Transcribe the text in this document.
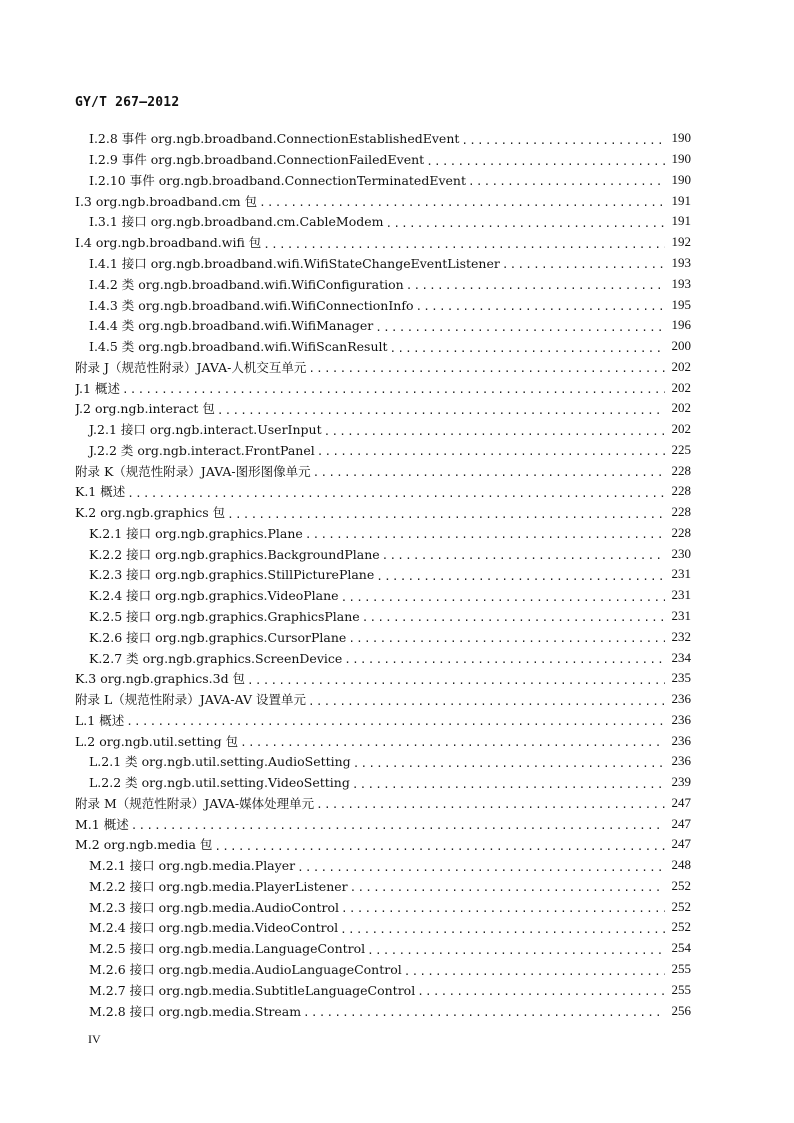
GY/T 267—2012
I.2.8 事件 org.ngb.broadband.ConnectionEstablishedEvent .....	190
I.2.9 事件 org.ngb.broadband.ConnectionFailedEvent .....	190
I.2.10 事件 org.ngb.broadband.ConnectionTerminatedEvent .....	190
I.3 org.ngb.broadband.cm 包 .....	191
I.3.1 接口 org.ngb.broadband.cm.CableModem .....	191
I.4 org.ngb.broadband.wifi 包 .....	192
I.4.1 接口 org.ngb.broadband.wifi.WifiStateChangeEventListener .....	193
I.4.2 类 org.ngb.broadband.wifi.WifiConfiguration .....	193
I.4.3 类 org.ngb.broadband.wifi.WifiConnectionInfo .....	195
I.4.4 类 org.ngb.broadband.wifi.WifiManager .....	196
I.4.5 类 org.ngb.broadband.wifi.WifiScanResult .....	200
附录 J（规范性附录）JAVA-人机交互单元 .....	202
J.1 概述 .....	202
J.2 org.ngb.interact 包 .....	202
J.2.1 接口 org.ngb.interact.UserInput .....	202
J.2.2 类 org.ngb.interact.FrontPanel .....	225
附录 K（规范性附录）JAVA-图形图像单元 .....	228
K.1 概述 .....	228
K.2 org.ngb.graphics 包 .....	228
K.2.1 接口 org.ngb.graphics.Plane .....	228
K.2.2 接口 org.ngb.graphics.BackgroundPlane .....	230
K.2.3 接口 org.ngb.graphics.StillPicturePlane .....	231
K.2.4 接口 org.ngb.graphics.VideoPlane .....	231
K.2.5 接口 org.ngb.graphics.GraphicsPlane .....	231
K.2.6 接口 org.ngb.graphics.CursorPlane .....	232
K.2.7 类 org.ngb.graphics.ScreenDevice .....	234
K.3 org.ngb.graphics.3d 包 .....	235
附录 L（规范性附录）JAVA-AV 设置单元 .....	236
L.1 概述 .....	236
L.2 org.ngb.util.setting 包 .....	236
L.2.1 类 org.ngb.util.setting.AudioSetting .....	236
L.2.2 类 org.ngb.util.setting.VideoSetting .....	239
附录 M（规范性附录）JAVA-媒体处理单元 .....	247
M.1 概述 .....	247
M.2 org.ngb.media 包 .....	247
M.2.1 接口 org.ngb.media.Player .....	248
M.2.2 接口 org.ngb.media.PlayerListener .....	252
M.2.3 接口 org.ngb.media.AudioControl .....	252
M.2.4 接口 org.ngb.media.VideoControl .....	252
M.2.5 接口 org.ngb.media.LanguageControl .....	254
M.2.6 接口 org.ngb.media.AudioLanguageControl .....	255
M.2.7 接口 org.ngb.media.SubtitleLanguageControl .....	255
M.2.8 接口 org.ngb.media.Stream .....	256
IV
